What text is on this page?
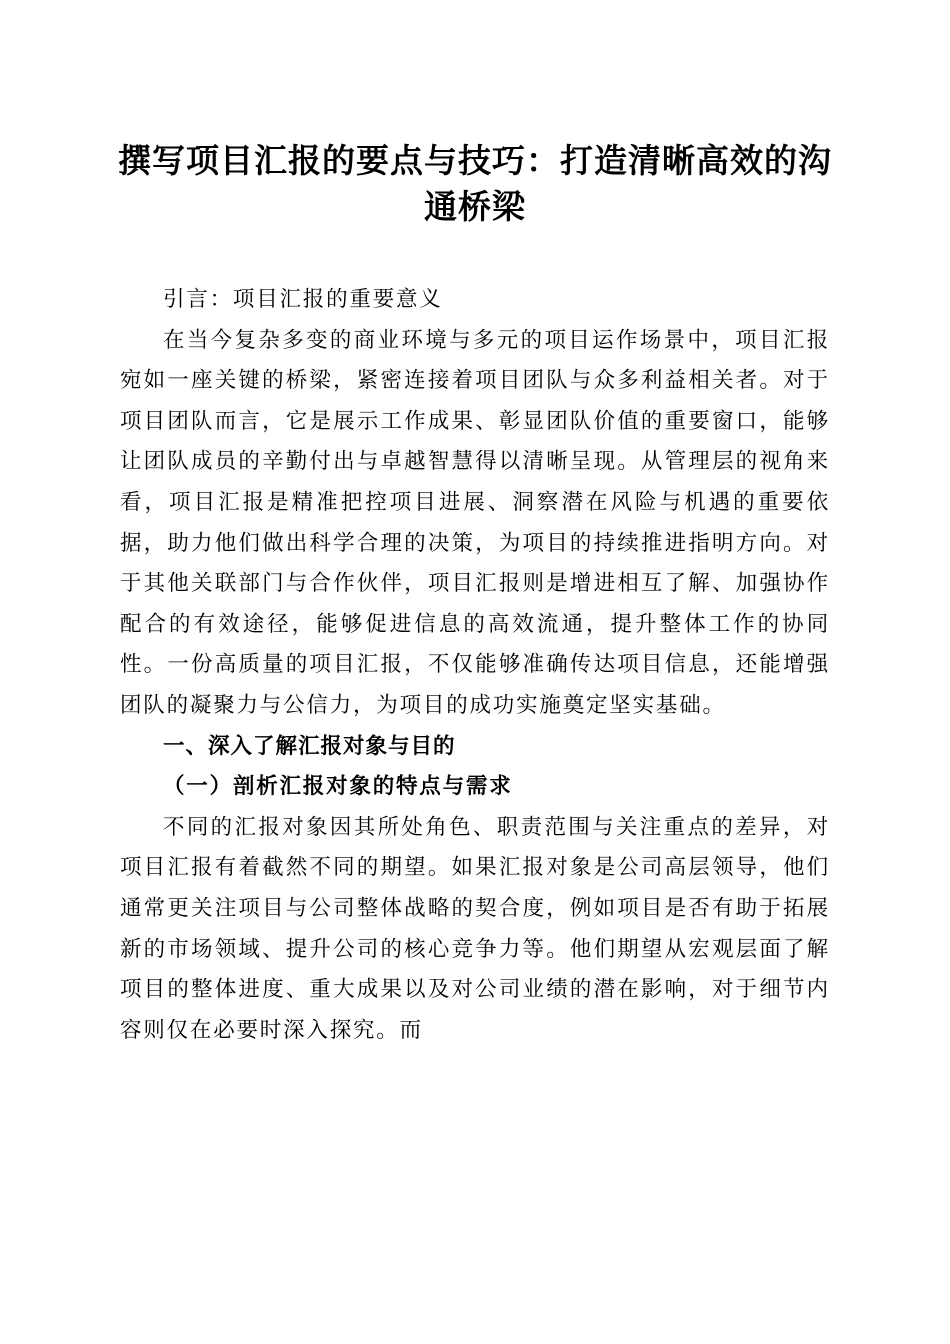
撰写项目汇报的要点与技巧：打造清晰高效的沟通桥梁

引言：项目汇报的重要意义

在当今复杂多变的商业环境与多元的项目运作场景中，项目汇报宛如一座关键的桥梁，紧密连接着项目团队与众多利益相关者。对于项目团队而言，它是展示工作成果、彰显团队价值的重要窗口，能够让团队成员的辛勤付出与卓越智慧得以清晰呈现。从管理层的视角来看，项目汇报是精准把控项目进展、洞察潜在风险与机遇的重要依据，助力他们做出科学合理的决策，为项目的持续推进指明方向。对于其他关联部门与合作伙伴，项目汇报则是增进相互了解、加强协作配合的有效途径，能够促进信息的高效流通，提升整体工作的协同性。一份高质量的项目汇报，不仅能够准确传达项目信息，还能增强团队的凝聚力与公信力，为项目的成功实施奠定坚实基础。

一、深入了解汇报对象与目的

（一）剖析汇报对象的特点与需求

不同的汇报对象因其所处角色、职责范围与关注重点的差异，对项目汇报有着截然不同的期望。如果汇报对象是公司高层领导，他们通常更关注项目与公司整体战略的契合度，例如项目是否有助于拓展新的市场领域、提升公司的核心竞争力等。他们期望从宏观层面了解项目的整体进度、重大成果以及对公司业绩的潜在影响，对于细节内容则仅在必要时深入探究。而
